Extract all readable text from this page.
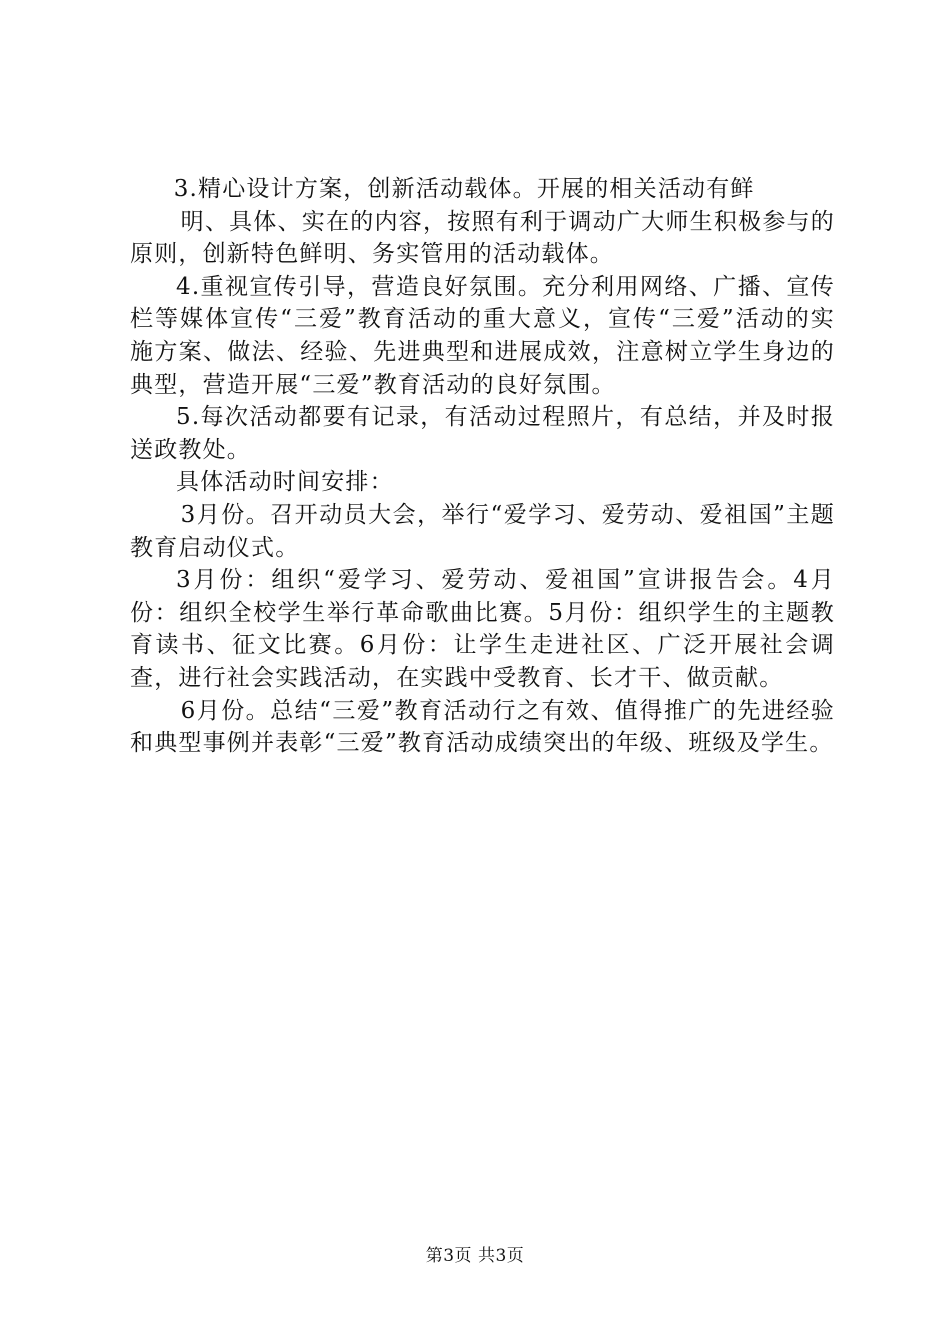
3.精心设计方案，创新活动载体。开展的相关活动有鲜

明、具体、实在的内容，按照有利于调动广大师生积极参与的原则，创新特色鲜明、务实管用的活动载体。

4.重视宣传引导，营造良好氛围。充分利用网络、广播、宣传栏等媒体宣传“三爱”教育活动的重大意义，宣传“三爱”活动的实施方案、做法、经验、先进典型和进展成效，注意树立学生身边的典型，营造开展“三爱”教育活动的良好氛围。

5.每次活动都要有记录，有活动过程照片，有总结，并及时报送政教处。

具体活动时间安排：

3月份。召开动员大会，举行“爱学习、爱劳动、爱祖国”主题教育启动仪式。

3月份：组织“爱学习、爱劳动、爱祖国”宣讲报告会。4月份：组织全校学生举行革命歌曲比赛。5月份：组织学生的主题教育读书、征文比赛。6月份：让学生走进社区、广泛开展社会调查，进行社会实践活动，在实践中受教育、长才干、做贡献。

6月份。总结“三爱”教育活动行之有效、值得推广的先进经验和典型事例并表彰“三爱”教育活动成绩突出的年级、班级及学生。

第3页 共3页
